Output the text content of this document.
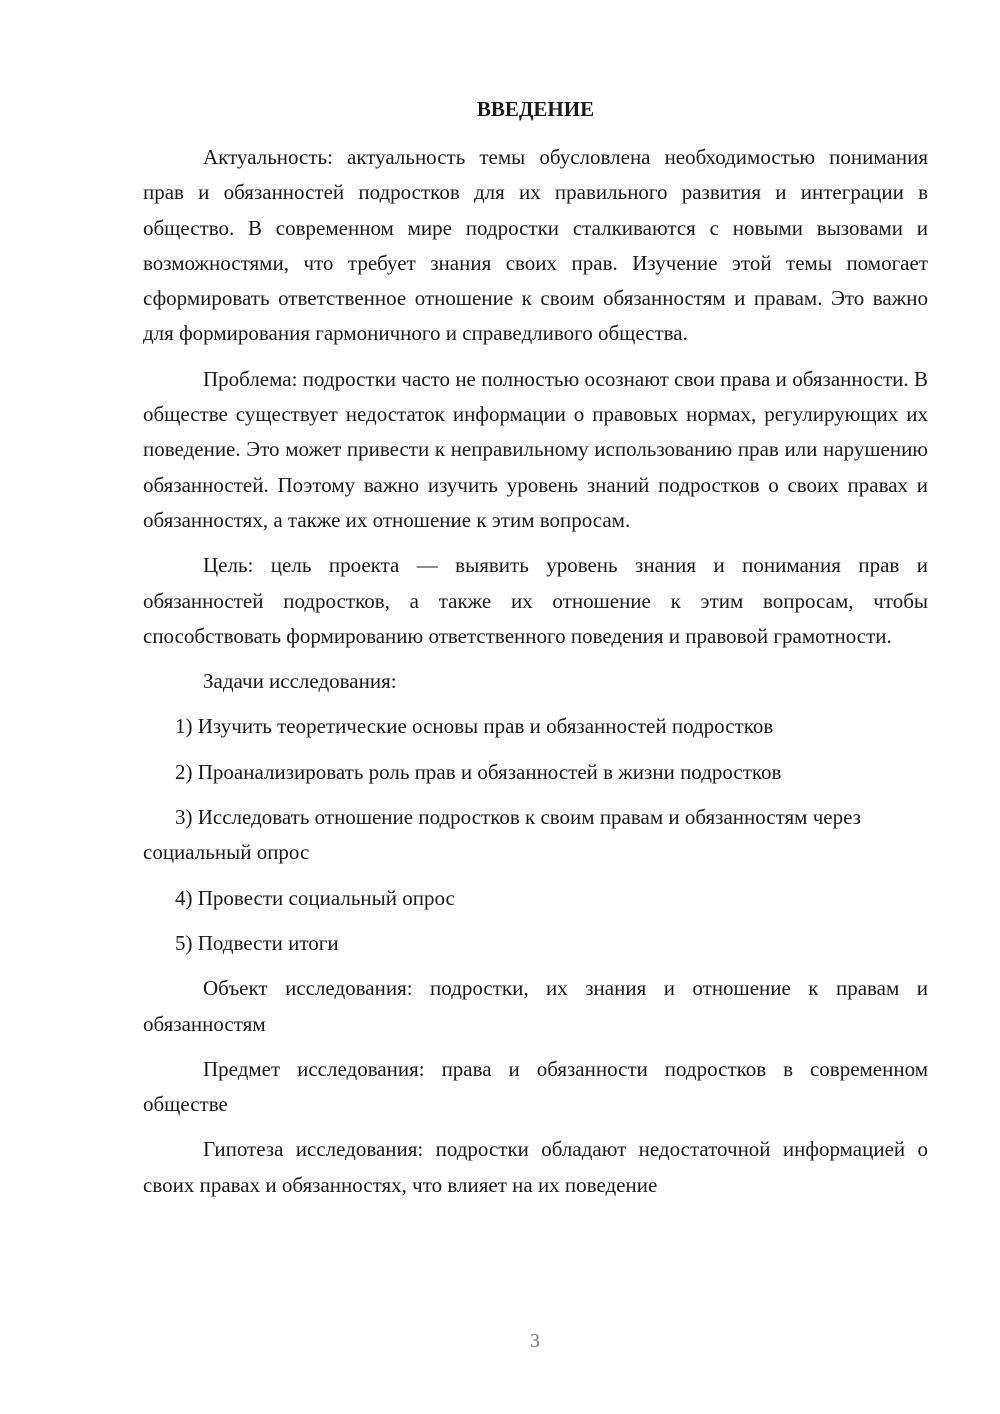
ВВЕДЕНИЕ

Актуальность: актуальность темы обусловлена необходимостью понимания прав и обязанностей подростков для их правильного развития и интеграции в общество. В современном мире подростки сталкиваются с новыми вызовами и возможностями, что требует знания своих прав. Изучение этой темы помогает сформировать ответственное отношение к своим обязанностям и правам. Это важно для формирования гармоничного и справедливого общества.

Проблема: подростки часто не полностью осознают свои права и обязанности. В обществе существует недостаток информации о правовых нормах, регулирующих их поведение. Это может привести к неправильному использованию прав или нарушению обязанностей. Поэтому важно изучить уровень знаний подростков о своих правах и обязанностях, а также их отношение к этим вопросам.

Цель: цель проекта — выявить уровень знания и понимания прав и обязанностей подростков, а также их отношение к этим вопросам, чтобы способствовать формированию ответственного поведения и правовой грамотности.

Задачи исследования:

1) Изучить теоретические основы прав и обязанностей подростков

2) Проанализировать роль прав и обязанностей в жизни подростков

3) Исследовать отношение подростков к своим правам и обязанностям через социальный опрос

4) Провести социальный опрос

5) Подвести итоги

Объект исследования: подростки, их знания и отношение к правам и обязанностям

Предмет исследования: права и обязанности подростков в современном обществе

Гипотеза исследования: подростки обладают недостаточной информацией о своих правах и обязанностях, что влияет на их поведение

3
